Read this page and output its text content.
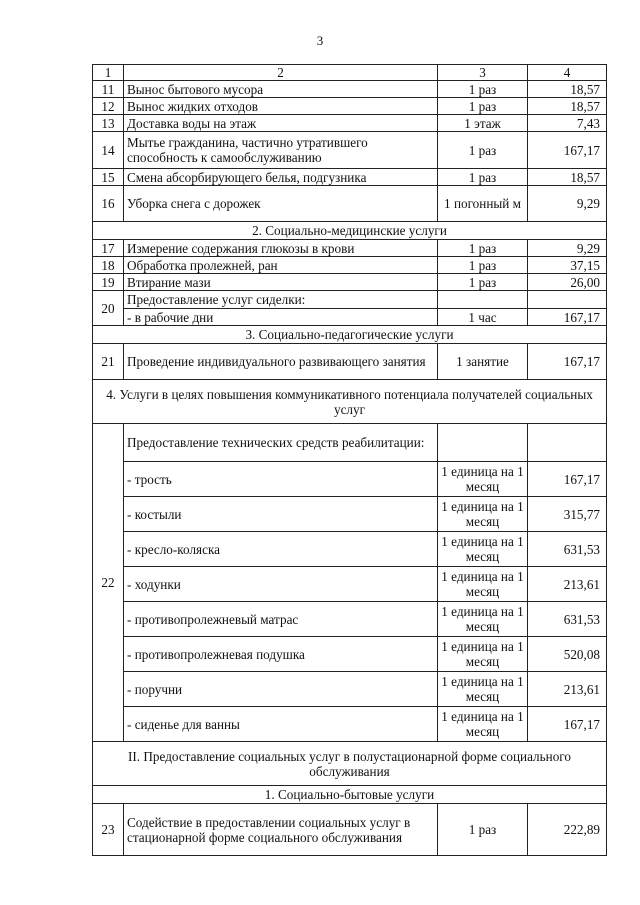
3
1	2	3	4
11	Вынос бытового мусора	1 раз	18,57
12	Вынос жидких отходов	1 раз	18,57
13	Доставка воды на этаж	1 этаж	7,43
14	Мытье гражданина, частично утратившего способность к самообслуживанию	1 раз	167,17
15	Смена абсорбирующего белья, подгузника	1 раз	18,57
16	Уборка снега с дорожек	1 погонный м	9,29
2. Социально-медицинские услуги			
17	Измерение содержания глюкозы в крови	1 раз	9,29
18	Обработка пролежней, ран	1 раз	37,15
19	Втирание мази	1 раз	26,00
20	Предоставление услуг сиделки:		
	- в рабочие дни	1 час	167,17
3. Социально-педагогические услуги			
21	Проведение индивидуального развивающего занятия	1 занятие	167,17
4. Услуги в целях повышения коммуникативного потенциала получателей социальных услуг			
22	Предоставление технических средств реабилитации:		
	- трость	1 единица на 1 месяц	167,17
	- костыли	1 единица на 1 месяц	315,77
	- кресло-коляска	1 единица на 1 месяц	631,53
	- ходунки	1 единица на 1 месяц	213,61
	- противопролежневый матрас	1 единица на 1 месяц	631,53
	- противопролежневая подушка	1 единица на 1 месяц	520,08
	- поручни	1 единица на 1 месяц	213,61
	- сиденье для ванны	1 единица на 1 месяц	167,17
II. Предоставление социальных услуг в полустационарной форме социального обслуживания			
1. Социально-бытовые услуги			
23	Содействие в предоставлении социальных услуг в стационарной форме социального обслуживания	1 раз	222,89
